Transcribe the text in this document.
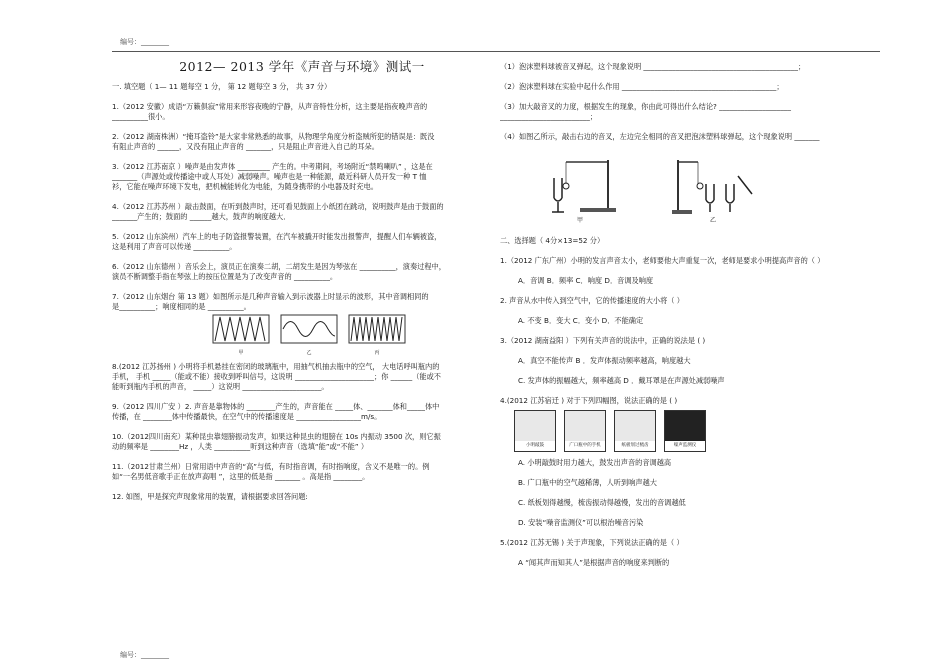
编号：________
2012— 2013 学年《声音与环境》测试一
一. 填空题（ 1— 11 题每空 1 分， 第 12 题每空 3 分， 共 37 分）
1.（2012 安徽）成语“万籁俱寂”常用来形容夜晚的宁静，从声音特性分析，这主要是指夜晚声音的
__________很小。
2.（2012 湖南株洲）“掩耳盗铃”是大家非常熟悉的故事，从物理学角度分析盗贼所犯的错误是：既没
有阻止声音的 ______，又没有阻止声音的 _______，只是阻止声音进入自己的耳朵。
3.（2012 江苏南京 ）噪声是由发声体 _________ 产生的。中考期间，考场附近“禁鸣喇叭” ，这是在
_______（声源处或传播途中或人耳处）减弱噪声。噪声也是一种能源，最近科研人员开发一种 T 恤
衫，它能在噪声环境下发电，把机械能转化为电能，为随身携带的小电器及时充电。
4.（2012 江苏苏州 ）敲击鼓面，在听到鼓声时，还可看见鼓面上小纸团在跳动，说明鼓声是由于鼓面的
_______产生的；鼓面的 ______越大，鼓声的响度越大．
5.（2012 山东滨州）汽车上的电子防盗报警装置，在汽车被撬开时能发出报警声，提醒人们车辆被盗，
这是利用了声音可以传递 __________。
6.（2012 山东德州 ）音乐会上，演员正在演奏二胡，二胡发生是因为琴弦在 __________，演奏过程中，
演员不断调整手指在琴弦上的按压位置是为了改变声音的 __________。
7.（2012 山东烟台 第 13 题）如图所示是几种声音输入到示波器上时显示的波形，其中音调相同的
是__________；响度相同的是 __________。
甲	乙	丙
8.(2012 江苏扬州 ) 小明将手机悬挂在密闭的玻璃瓶中，用抽气机抽去瓶中的空气， 大电话呼叫瓶内的
手机， 手机 _____（能或不能）接收到呼叫信号，这说明 ______________________；你 ______（能或不
能听到瓶内手机的声音， _____）这说明 ______________________。
9.（2012 四川广安 ）2. 声音是靠物体的 ________产生的，声音能在 _____体、_______体和_____体中
传播，在 ________体中传播最快，在空气中的传播速度是 __________________m/s。
10.（2012四川南充）某种昆虫靠翅膀振动发声，如果这种昆虫的翅膀在 10s 内振动 3500 次，则它振
动的频率是 ________Hz ，人类 __________听到这种声音（选填“能”或“不能” ）
11.（2012甘肃兰州）日常用语中声音的“高”与低，有时指音调，有时指响度，含义不是唯一的。例
如“一名男低音歌手正在放声高唱 ”，这里的低是指 _______ 。高是指 ________。
12. 如图，甲是探究声现象常用的装置，请根据要求回答问题:
（1）泡沫塑料球被音叉弹起，这个现象说明 ___________________________________________；
（2）泡沫塑料球在实验中起什么作用 ___________________________________________；
（3）加大敲音叉的力度，根据发生的现象，你由此可得出什么结论? ____________________
_________________________；
（4）如图乙所示，敲击右边的音叉，左边完全相同的音叉把泡沫塑料球弹起，这个现象说明 _______
甲	乙
二、选择题（ 4分×13=52 分）
1.（2012 广东广州）小明的发言声音太小，老师要他大声重复一次，老师是要求小明提高声音的（ ）
A．音调 B．频率 C．响度 D．音调及响度
2. 声音从水中传入到空气中，它的传播速度的大小将（ ）
A. 不变 B．变大 C．变小 D．不能确定
3.（2012 湖南益阳 ）下列有关声音的说法中，正确的说法是 ( )
A．真空不能传声 B ．发声体振动频率越高，响度越大
C. 发声体的振幅越大，频率越高 D ．戴耳罩是在声源处减弱噪声
4.(2012 江苏宿迁 ) 对于下列四幅图，说法正确的是 ( )
小明敲鼓	广口瓶中的手机	纸板划过梳齿	噪声监测仪
A. 小明敲鼓时用力越大，鼓发出声音的音调越高
B. 广口瓶中的空气越稀薄，人听到响声越大
C. 纸板划得越慢，梳齿振动得越慢，发出的音调越低
D. 安装“噪音监测仪”可以根治噪音污染
5.(2012 江苏无锡 ) 关于声现象，下列说法正确的是（ ）
A “闻其声而知其人”是根据声音的响度来判断的
编号：________
